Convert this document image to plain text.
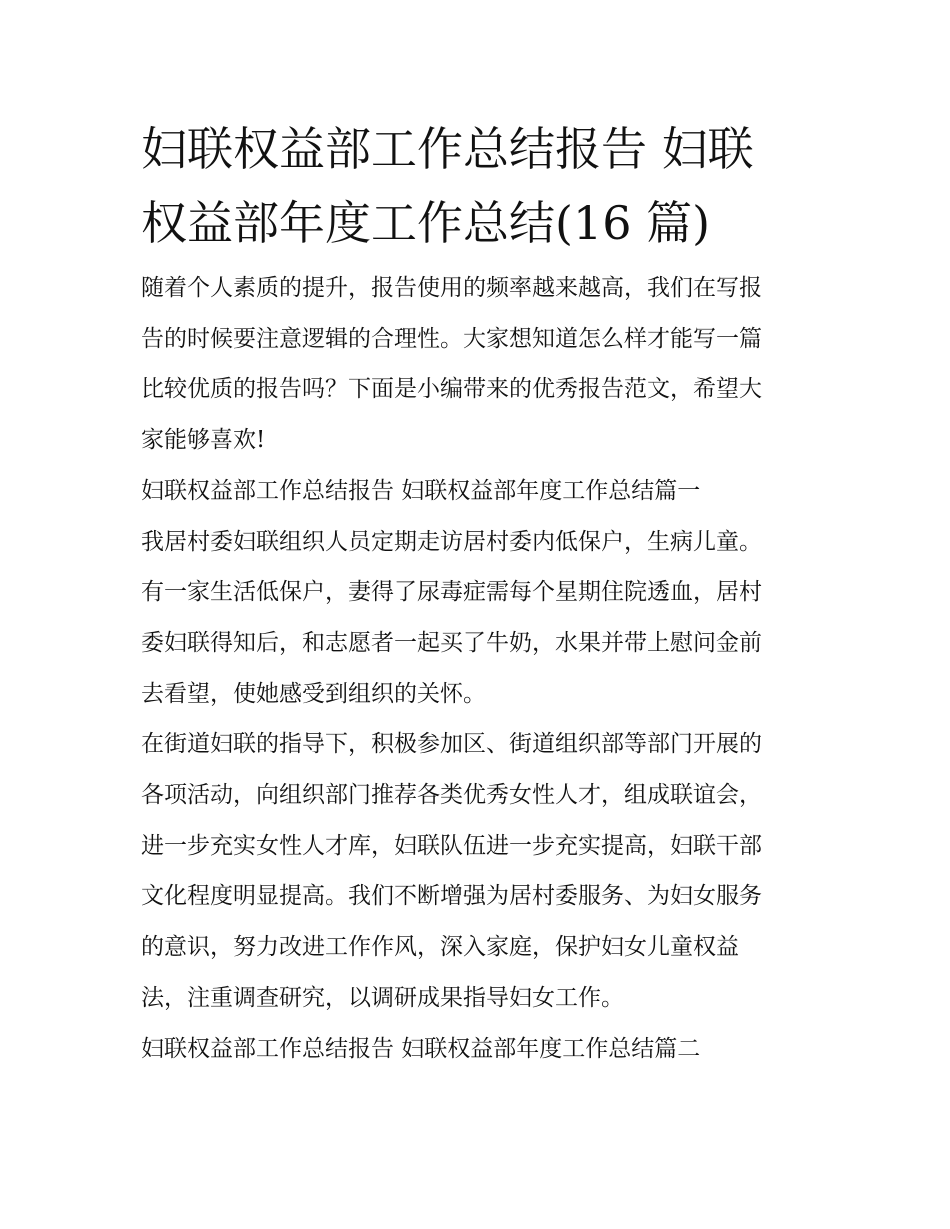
妇联权益部工作总结报告 妇联
权益部年度工作总结(16 篇)

随着个人素质的提升，报告使用的频率越来越高，我们在写报
告的时候要注意逻辑的合理性。大家想知道怎么样才能写一篇
比较优质的报告吗？下面是小编带来的优秀报告范文，希望大
家能够喜欢!

妇联权益部工作总结报告 妇联权益部年度工作总结篇一

我居村委妇联组织人员定期走访居村委内低保户，生病儿童。
有一家生活低保户，妻得了尿毒症需每个星期住院透血，居村
委妇联得知后，和志愿者一起买了牛奶，水果并带上慰问金前
去看望，使她感受到组织的关怀。

在街道妇联的指导下，积极参加区、街道组织部等部门开展的
各项活动，向组织部门推荐各类优秀女性人才，组成联谊会，
进一步充实女性人才库，妇联队伍进一步充实提高，妇联干部
文化程度明显提高。我们不断增强为居村委服务、为妇女服务
的意识，努力改进工作作风，深入家庭，保护妇女儿童权益
法，注重调查研究，以调研成果指导妇女工作。

妇联权益部工作总结报告 妇联权益部年度工作总结篇二
